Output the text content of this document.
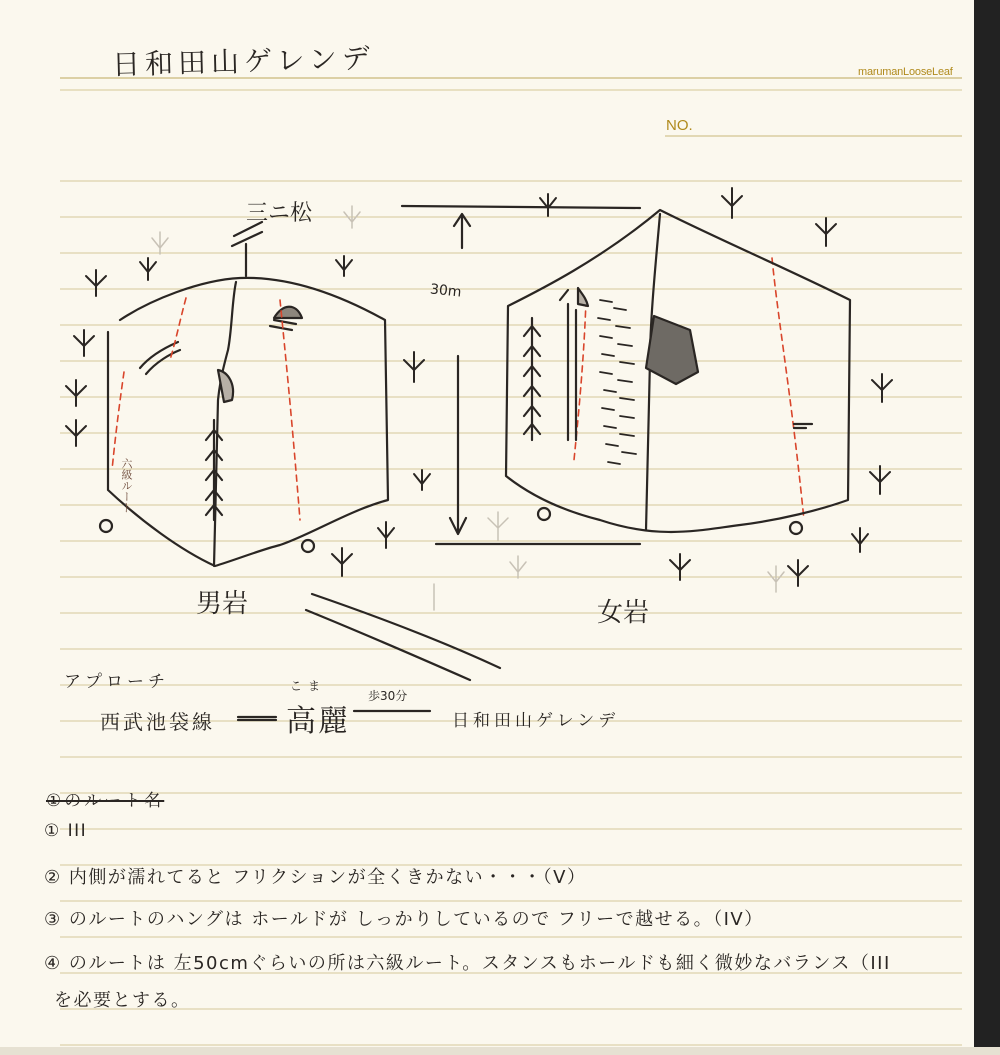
marumanLooseLeaf
NO.
日和田山ゲレンデ
三ニ松
30m
六級ルート
男岩	女岩
アプローチ
西武池袋線
こま
高麗
歩30分
日和田山ゲレンデ
①のルート名
① III
② 内側が濡れてると フリクションが全くきかない・・・（V）
③ のルートのハングは ホールドが しっかりしているので フリーで越せる。（IV）
④ のルートは 左50cmぐらいの所は六級ルート。スタンスもホールドも細く微妙なバランス（III
を必要とする。
